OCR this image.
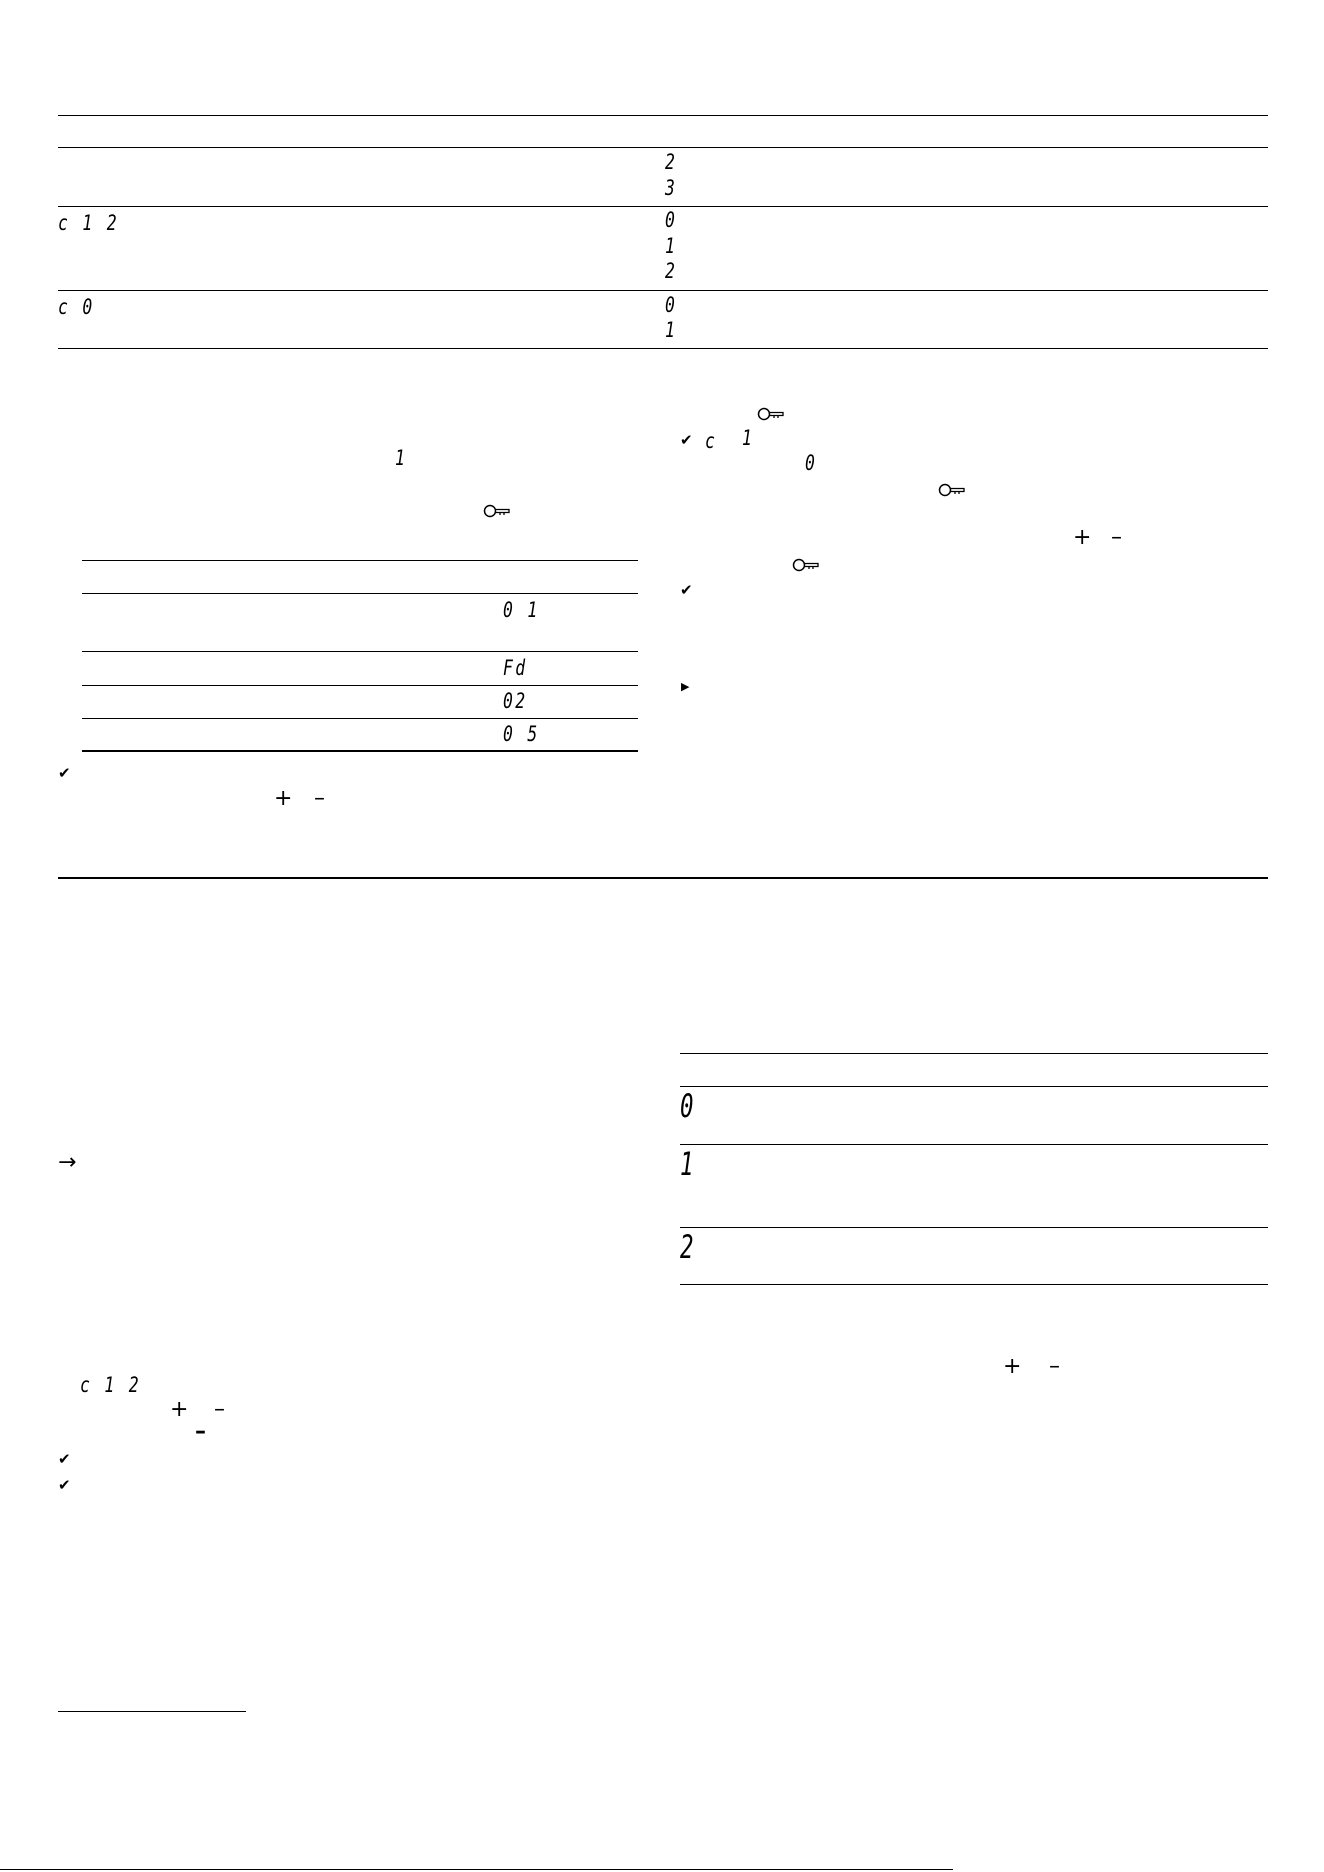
2
3
c 1 2	0
1
2
c 0	0
1
1
0 1
Fd
02
0 5
✔
+ –
✔ c 1
0
+ –
✔
▶
→
c 1 2
+ –
–
✔
✔
0
1
2
+ –
